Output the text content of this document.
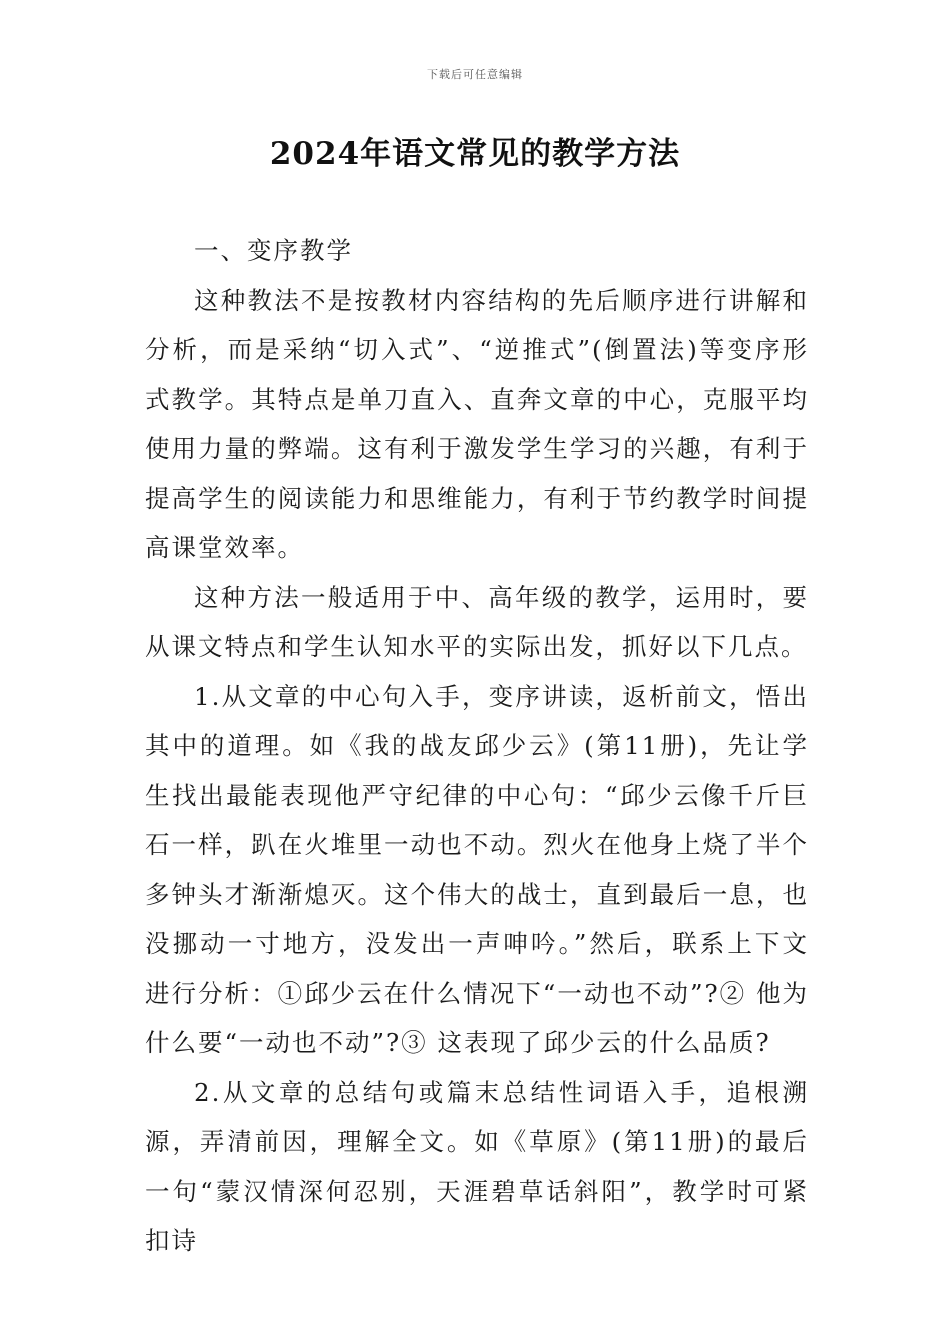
下载后可任意编辑
2024年语文常见的教学方法

一、变序教学

这种教法不是按教材内容结构的先后顺序进行讲解和分析，而是采纳“切入式”、“逆推式”(倒置法)等变序形式教学。其特点是单刀直入、直奔文章的中心，克服平均使用力量的弊端。这有利于激发学生学习的兴趣，有利于提高学生的阅读能力和思维能力，有利于节约教学时间提高课堂效率。

这种方法一般适用于中、高年级的教学，运用时，要从课文特点和学生认知水平的实际出发，抓好以下几点。

1.从文章的中心句入手，变序讲读，返析前文，悟出其中的道理。如《我的战友邱少云》(第11册)，先让学生找出最能表现他严守纪律的中心句：“邱少云像千斤巨石一样，趴在火堆里一动也不动。烈火在他身上烧了半个多钟头才渐渐熄灭。这个伟大的战士，直到最后一息，也没挪动一寸地方，没发出一声呻吟。”然后，联系上下文进行分析：①邱少云在什么情况下“一动也不动”?② 他为什么要“一动也不动”?③ 这表现了邱少云的什么品质?

2.从文章的总结句或篇末总结性词语入手，追根溯源，弄清前因，理解全文。如《草原》(第11册)的最后一句“蒙汉情深何忍别，天涯碧草话斜阳”，教学时可紧扣诗
